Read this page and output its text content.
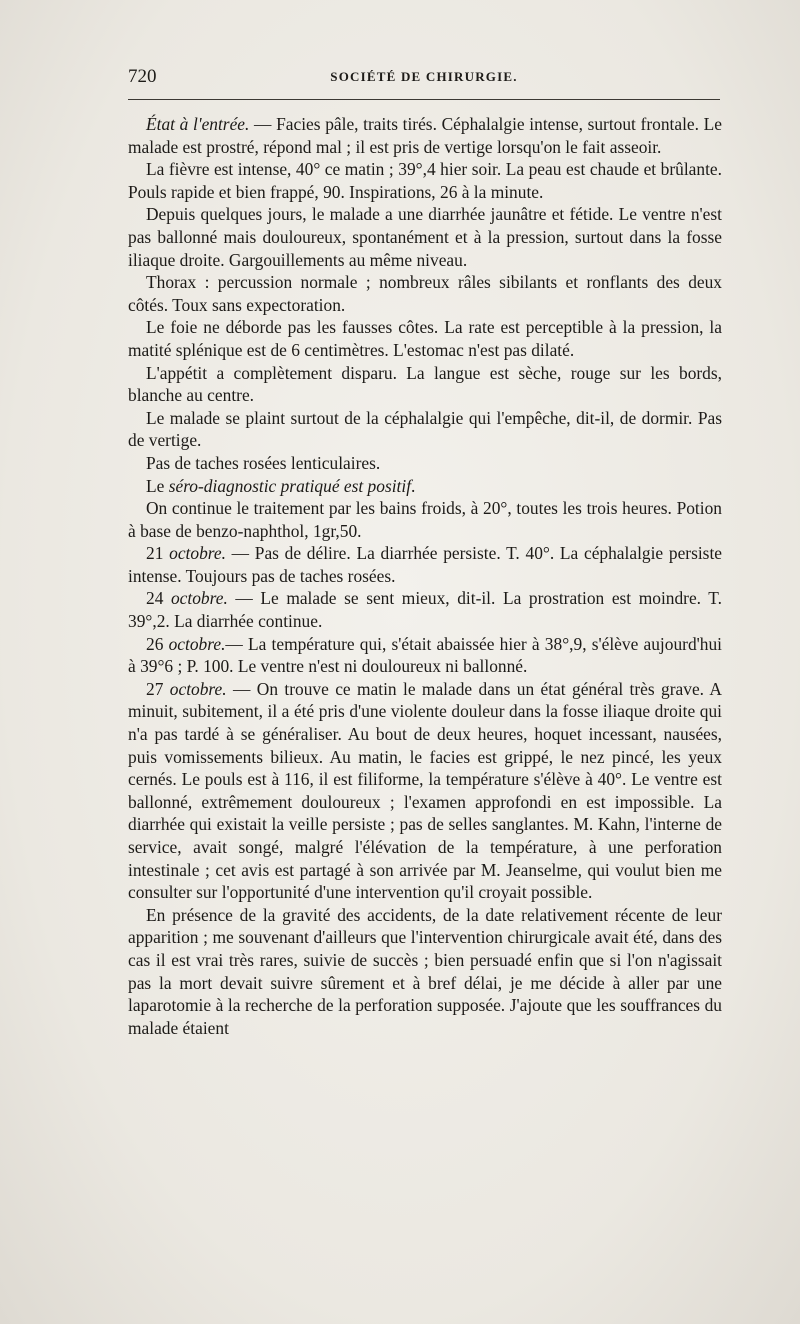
720	SOCIÉTÉ DE CHIRURGIE.

État à l'entrée. — Facies pâle, traits tirés. Céphalalgie intense, surtout frontale. Le malade est prostré, répond mal ; il est pris de vertige lorsqu'on le fait asseoir.

La fièvre est intense, 40° ce matin ; 39°,4 hier soir. La peau est chaude et brûlante. Pouls rapide et bien frappé, 90. Inspirations, 26 à la minute.

Depuis quelques jours, le malade a une diarrhée jaunâtre et fétide. Le ventre n'est pas ballonné mais douloureux, spontanément et à la pression, surtout dans la fosse iliaque droite. Gargouillements au même niveau.

Thorax : percussion normale ; nombreux râles sibilants et ronflants des deux côtés. Toux sans expectoration.

Le foie ne déborde pas les fausses côtes. La rate est perceptible à la pression, la matité splénique est de 6 centimètres. L'estomac n'est pas dilaté.

L'appétit a complètement disparu. La langue est sèche, rouge sur les bords, blanche au centre.

Le malade se plaint surtout de la céphalalgie qui l'empêche, dit-il, de dormir. Pas de vertige.

Pas de taches rosées lenticulaires.

Le séro-diagnostic pratiqué est positif.

On continue le traitement par les bains froids, à 20°, toutes les trois heures. Potion à base de benzo-naphthol, 1gr,50.

21 octobre. — Pas de délire. La diarrhée persiste. T. 40°. La céphalalgie persiste intense. Toujours pas de taches rosées.

24 octobre. — Le malade se sent mieux, dit-il. La prostration est moindre. T. 39°,2. La diarrhée continue.

26 octobre.— La température qui, s'était abaissée hier à 38°,9, s'élève aujourd'hui à 39°6 ; P. 100. Le ventre n'est ni douloureux ni ballonné.

27 octobre. — On trouve ce matin le malade dans un état général très grave. A minuit, subitement, il a été pris d'une violente douleur dans la fosse iliaque droite qui n'a pas tardé à se généraliser. Au bout de deux heures, hoquet incessant, nausées, puis vomissements bilieux. Au matin, le facies est grippé, le nez pincé, les yeux cernés. Le pouls est à 116, il est filiforme, la température s'élève à 40°. Le ventre est ballonné, extrêmement douloureux ; l'examen approfondi en est impossible. La diarrhée qui existait la veille persiste ; pas de selles sanglantes. M. Kahn, l'interne de service, avait songé, malgré l'élévation de la température, à une perforation intestinale ; cet avis est partagé à son arrivée par M. Jeanselme, qui voulut bien me consulter sur l'opportunité d'une intervention qu'il croyait possible.

En présence de la gravité des accidents, de la date relativement récente de leur apparition ; me souvenant d'ailleurs que l'intervention chirurgicale avait été, dans des cas il est vrai très rares, suivie de succès ; bien persuadé enfin que si l'on n'agissait pas la mort devait suivre sûrement et à bref délai, je me décide à aller par une laparotomie à la recherche de la perforation supposée. J'ajoute que les souffrances du malade étaient
